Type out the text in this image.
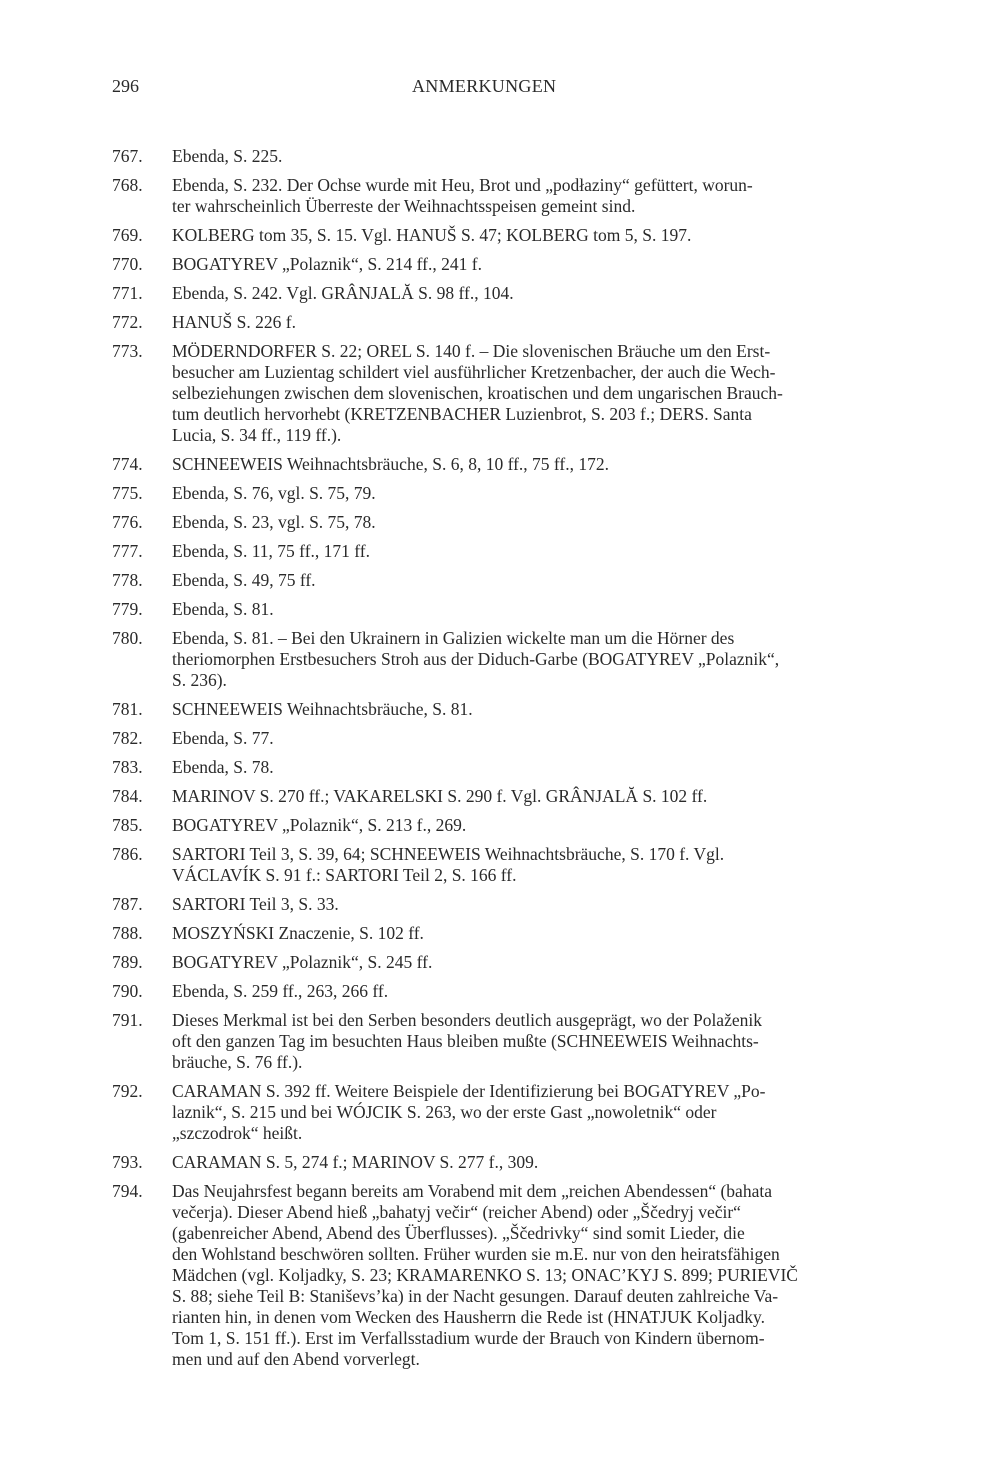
296	ANMERKUNGEN
767. Ebenda, S. 225.
768. Ebenda, S. 232. Der Ochse wurde mit Heu, Brot und „podłaziny“ gefüttert, worun-
ter wahrscheinlich Überreste der Weihnachtsspeisen gemeint sind.
769. KOLBERG tom 35, S. 15. Vgl. HANUŠ S. 47; KOLBERG tom 5, S. 197.
770. BOGATYREV „Polaznik“, S. 214 ff., 241 f.
771. Ebenda, S. 242. Vgl. GRÂNJALĂ S. 98 ff., 104.
772. HANUŠ S. 226 f.
773. MÖDERNDORFER S. 22; OREL S. 140 f. – Die slovenischen Bräuche um den Erst-
besucher am Luzientag schildert viel ausführlicher Kretzenbacher, der auch die Wech-
selbeziehungen zwischen dem slovenischen, kroatischen und dem ungarischen Brauch-
tum deutlich hervorhebt (KRETZENBACHER Luzienbrot, S. 203 f.; DERS. Santa
Lucia, S. 34 ff., 119 ff.).
774. SCHNEEWEIS Weihnachtsbräuche, S. 6, 8, 10 ff., 75 ff., 172.
775. Ebenda, S. 76, vgl. S. 75, 79.
776. Ebenda, S. 23, vgl. S. 75, 78.
777. Ebenda, S. 11, 75 ff., 171 ff.
778. Ebenda, S. 49, 75 ff.
779. Ebenda, S. 81.
780. Ebenda, S. 81. – Bei den Ukrainern in Galizien wickelte man um die Hörner des
theriomorphen Erstbesuchers Stroh aus der Diduch-Garbe (BOGATYREV „Polaznik“,
S. 236).
781. SCHNEEWEIS Weihnachtsbräuche, S. 81.
782. Ebenda, S. 77.
783. Ebenda, S. 78.
784. MARINOV S. 270 ff.; VAKARELSKI S. 290 f. Vgl. GRÂNJALĂ S. 102 ff.
785. BOGATYREV „Polaznik“, S. 213 f., 269.
786. SARTORI Teil 3, S. 39, 64; SCHNEEWEIS Weihnachtsbräuche, S. 170 f. Vgl.
VÁCLAVÍK S. 91 f.: SARTORI Teil 2, S. 166 ff.
787. SARTORI Teil 3, S. 33.
788. MOSZYŃSKI Znaczenie, S. 102 ff.
789. BOGATYREV „Polaznik“, S. 245 ff.
790. Ebenda, S. 259 ff., 263, 266 ff.
791. Dieses Merkmal ist bei den Serben besonders deutlich ausgeprägt, wo der Polaženik
oft den ganzen Tag im besuchten Haus bleiben mußte (SCHNEEWEIS Weihnachts-
bräuche, S. 76 ff.).
792. CARAMAN S. 392 ff. Weitere Beispiele der Identifizierung bei BOGATYREV „Po-
laznik“, S. 215 und bei WÓJCIK S. 263, wo der erste Gast „nowoletnik“ oder
„szczodrok“ heißt.
793. CARAMAN S. 5, 274 f.; MARINOV S. 277 f., 309.
794. Das Neujahrsfest begann bereits am Vorabend mit dem „reichen Abendessen“ (bahata
večerja). Dieser Abend hieß „bahatyj večir“ (reicher Abend) oder „Ščedryj večir“
(gabenreicher Abend, Abend des Überflusses). „Ščedrivky“ sind somit Lieder, die
den Wohlstand beschwören sollten. Früher wurden sie m.E. nur von den heiratsfähigen
Mädchen (vgl. Koljadky, S. 23; KRAMARENKO S. 13; ONAC’KYJ S. 899; PURIEVIČ
S. 88; siehe Teil B: Staniševs’ka) in der Nacht gesungen. Darauf deuten zahlreiche Va-
rianten hin, in denen vom Wecken des Hausherrn die Rede ist (HNATJUK Koljadky.
Tom 1, S. 151 ff.). Erst im Verfallsstadium wurde der Brauch von Kindern übernom-
men und auf den Abend vorverlegt.
